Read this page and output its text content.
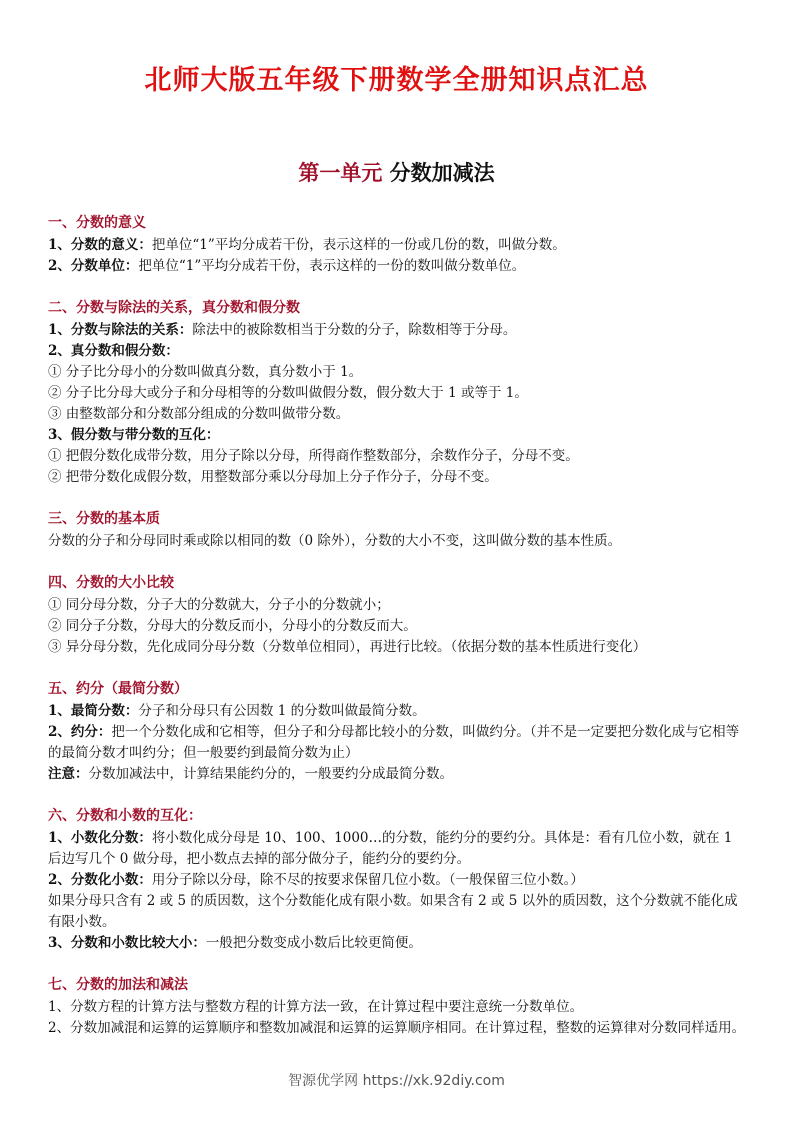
北师大版五年级下册数学全册知识点汇总
第一单元 分数加减法

一、分数的意义

1、分数的意义：把单位“1”平均分成若干份，表示这样的一份或几份的数，叫做分数。

2、分数单位：把单位“1”平均分成若干份，表示这样的一份的数叫做分数单位。

二、分数与除法的关系，真分数和假分数

1、分数与除法的关系：除法中的被除数相当于分数的分子，除数相等于分母。

2、真分数和假分数：

① 分子比分母小的分数叫做真分数，真分数小于 1。

② 分子比分母大或分子和分母相等的分数叫做假分数，假分数大于 1 或等于 1。

③ 由整数部分和分数部分组成的分数叫做带分数。

3、假分数与带分数的互化：

① 把假分数化成带分数，用分子除以分母，所得商作整数部分，余数作分子，分母不变。

② 把带分数化成假分数，用整数部分乘以分母加上分子作分子，分母不变。

三、分数的基本质

分数的分子和分母同时乘或除以相同的数（0 除外），分数的大小不变，这叫做分数的基本性质。

四、分数的大小比较

① 同分母分数，分子大的分数就大，分子小的分数就小；

② 同分子分数，分母大的分数反而小，分母小的分数反而大。

③ 异分母分数，先化成同分母分数（分数单位相同），再进行比较。（依据分数的基本性质进行变化）

五、约分（最简分数）

1、最简分数：分子和分母只有公因数 1 的分数叫做最简分数。

2、约分：把一个分数化成和它相等，但分子和分母都比较小的分数，叫做约分。（并不是一定要把分数化成与它相等的最简分数才叫约分；但一般要约到最简分数为止）

注意：分数加减法中，计算结果能约分的，一般要约分成最简分数。

六、分数和小数的互化：

1、小数化分数：将小数化成分母是 10、100、1000…的分数，能约分的要约分。具体是：看有几位小数，就在 1 后边写几个 0 做分母，把小数点去掉的部分做分子，能约分的要约分。

2、分数化小数：用分子除以分母，除不尽的按要求保留几位小数。（一般保留三位小数。）

如果分母只含有 2 或 5 的质因数，这个分数能化成有限小数。如果含有 2 或 5 以外的质因数，这个分数就不能化成有限小数。

3、分数和小数比较大小：一般把分数变成小数后比较更简便。

七、分数的加法和减法

1、分数方程的计算方法与整数方程的计算方法一致，在计算过程中要注意统一分数单位。

2、分数加减混和运算的运算顺序和整数加减混和运算的运算顺序相同。在计算过程，整数的运算律对分数同样适用。

智源优学网 https://xk.92diy.com
